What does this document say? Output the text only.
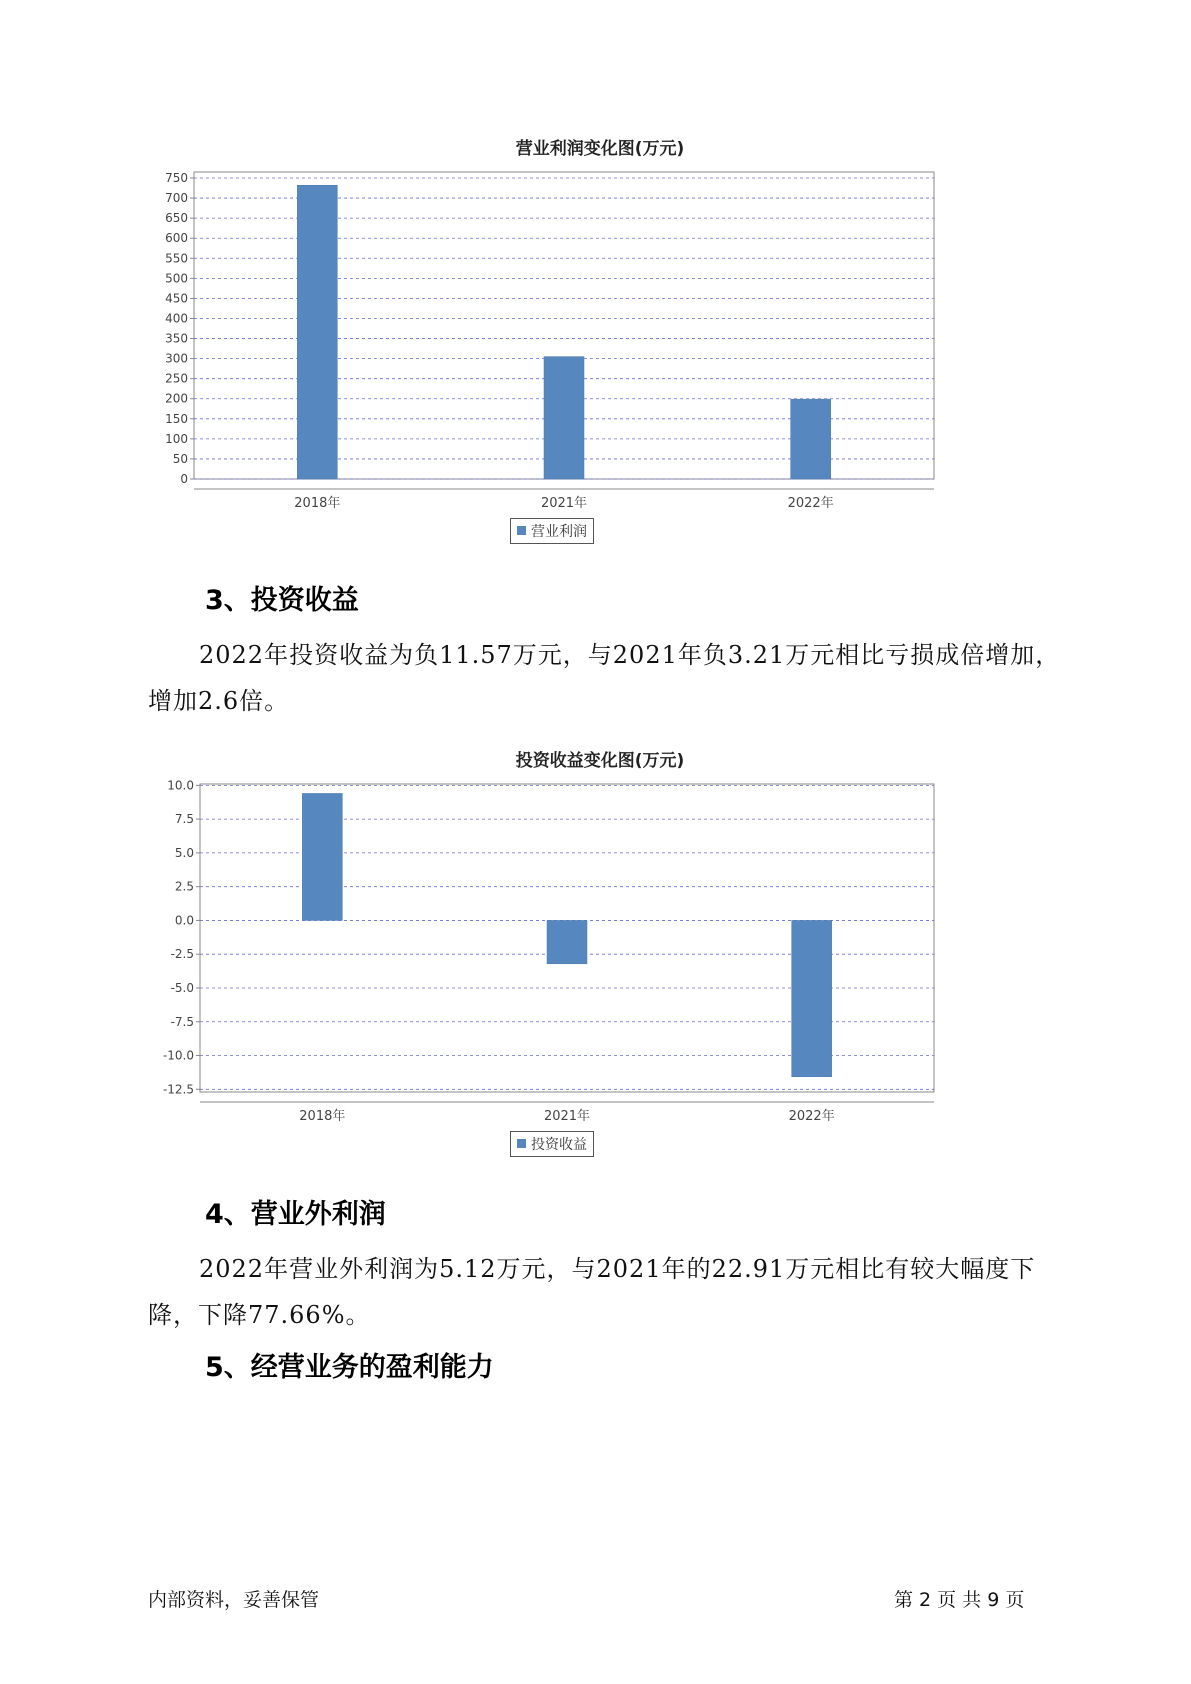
营业利润变化图(万元)
0
50
100
150
200
250
300
350
400
450
500
550
600
650
700
750
2018年	2021年	2022年
营业利润
3、投资收益

2022年投资收益为负11.57万元，与2021年负3.21万元相比亏损成倍增加，增加2.6倍。

投资收益变化图(万元)
10.0
7.5
5.0
2.5
0.0
-2.5
-5.0
-7.5
-10.0
-12.5
2018年	2021年	2022年
投资收益
4、营业外利润

2022年营业外利润为5.12万元，与2021年的22.91万元相比有较大幅度下降，下降77.66%。

5、经营业务的盈利能力
内部资料，妥善保管	第 2 页 共 9 页
